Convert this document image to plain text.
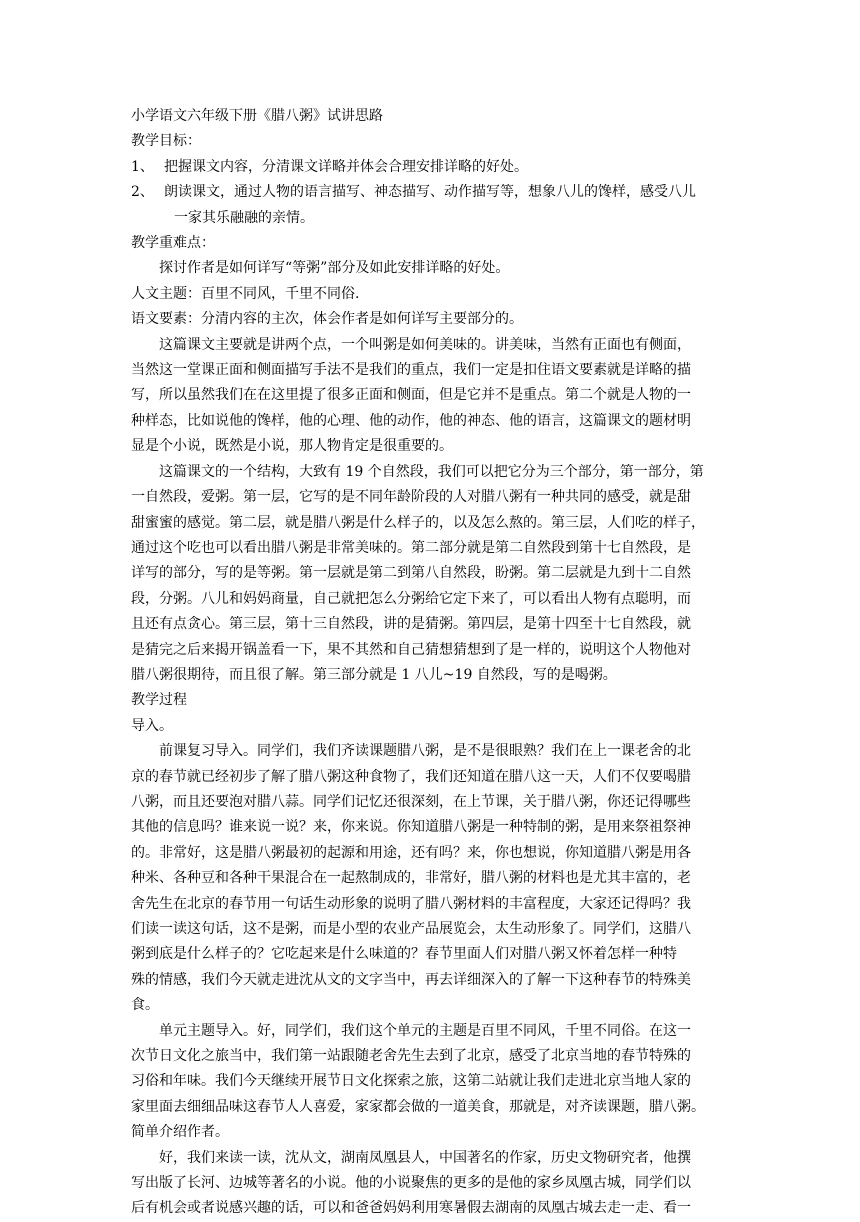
小学语文六年级下册《腊八粥》试讲思路
教学目标：
1、 把握课文内容，分清课文详略并体会合理安排详略的好处。
2、 朗读课文，通过人物的语言描写、神态描写、动作描写等，想象八儿的馋样，感受八儿
一家其乐融融的亲情。
教学重难点：
探讨作者是如何详写“等粥”部分及如此安排详略的好处。
人文主题：百里不同风，千里不同俗.
语文要素：分清内容的主次，体会作者是如何详写主要部分的。
这篇课文主要就是讲两个点，一个叫粥是如何美味的。讲美味，当然有正面也有侧面，
当然这一堂课正面和侧面描写手法不是我们的重点，我们一定是扣住语文要素就是详略的描
写，所以虽然我们在在这里提了很多正面和侧面，但是它并不是重点。第二个就是人物的一
种样态，比如说他的馋样，他的心理、他的动作，他的神态、他的语言，这篇课文的题材明
显是个小说，既然是小说，那人物肯定是很重要的。
这篇课文的一个结构，大致有 19 个自然段，我们可以把它分为三个部分，第一部分，第
一自然段，爱粥。第一层，它写的是不同年龄阶段的人对腊八粥有一种共同的感受，就是甜
甜蜜蜜的感觉。第二层，就是腊八粥是什么样子的，以及怎么熬的。第三层，人们吃的样子，
通过这个吃也可以看出腊八粥是非常美味的。第二部分就是第二自然段到第十七自然段，是
详写的部分，写的是等粥。第一层就是第二到第八自然段，盼粥。第二层就是九到十二自然
段，分粥。八儿和妈妈商量，自己就把怎么分粥给它定下来了，可以看出人物有点聪明，而
且还有点贪心。第三层，第十三自然段，讲的是猜粥。第四层，是第十四至十七自然段，就
是猜完之后来揭开锅盖看一下，果不其然和自己猜想猜想到了是一样的，说明这个人物他对
腊八粥很期待，而且很了解。第三部分就是 1 八儿~19 自然段，写的是喝粥。
教学过程
导入。
前课复习导入。同学们，我们齐读课题腊八粥，是不是很眼熟？我们在上一课老舍的北
京的春节就已经初步了解了腊八粥这种食物了，我们还知道在腊八这一天，人们不仅要喝腊
八粥，而且还要泡对腊八蒜。同学们记忆还很深刻，在上节课，关于腊八粥，你还记得哪些
其他的信息吗？谁来说一说？来，你来说。你知道腊八粥是一种特制的粥，是用来祭祖祭神
的。非常好，这是腊八粥最初的起源和用途，还有吗？来，你也想说，你知道腊八粥是用各
种米、各种豆和各种干果混合在一起熬制成的，非常好，腊八粥的材料也是尤其丰富的，老
舍先生在北京的春节用一句话生动形象的说明了腊八粥材料的丰富程度，大家还记得吗？我
们读一读这句话，这不是粥，而是小型的农业产品展览会，太生动形象了。同学们，这腊八
粥到底是什么样子的？它吃起来是什么味道的？春节里面人们对腊八粥又怀着怎样一种特
殊的情感，我们今天就走进沈从文的文字当中，再去详细深入的了解一下这种春节的特殊美
食。
单元主题导入。好，同学们，我们这个单元的主题是百里不同风，千里不同俗。在这一
次节日文化之旅当中，我们第一站跟随老舍先生去到了北京，感受了北京当地的春节特殊的
习俗和年味。我们今天继续开展节日文化探索之旅，这第二站就让我们走进北京当地人家的
家里面去细细品味这春节人人喜爱，家家都会做的一道美食，那就是，对齐读课题，腊八粥。
简单介绍作者。
好，我们来读一读，沈从文，湖南凤凰县人，中国著名的作家，历史文物研究者，他撰
写出版了长河、边城等著名的小说。他的小说聚焦的更多的是他的家乡凤凰古城，同学们以
后有机会或者说感兴趣的话，可以和爸爸妈妈利用寒暑假去湖南的凤凰古城去走一走、看一
